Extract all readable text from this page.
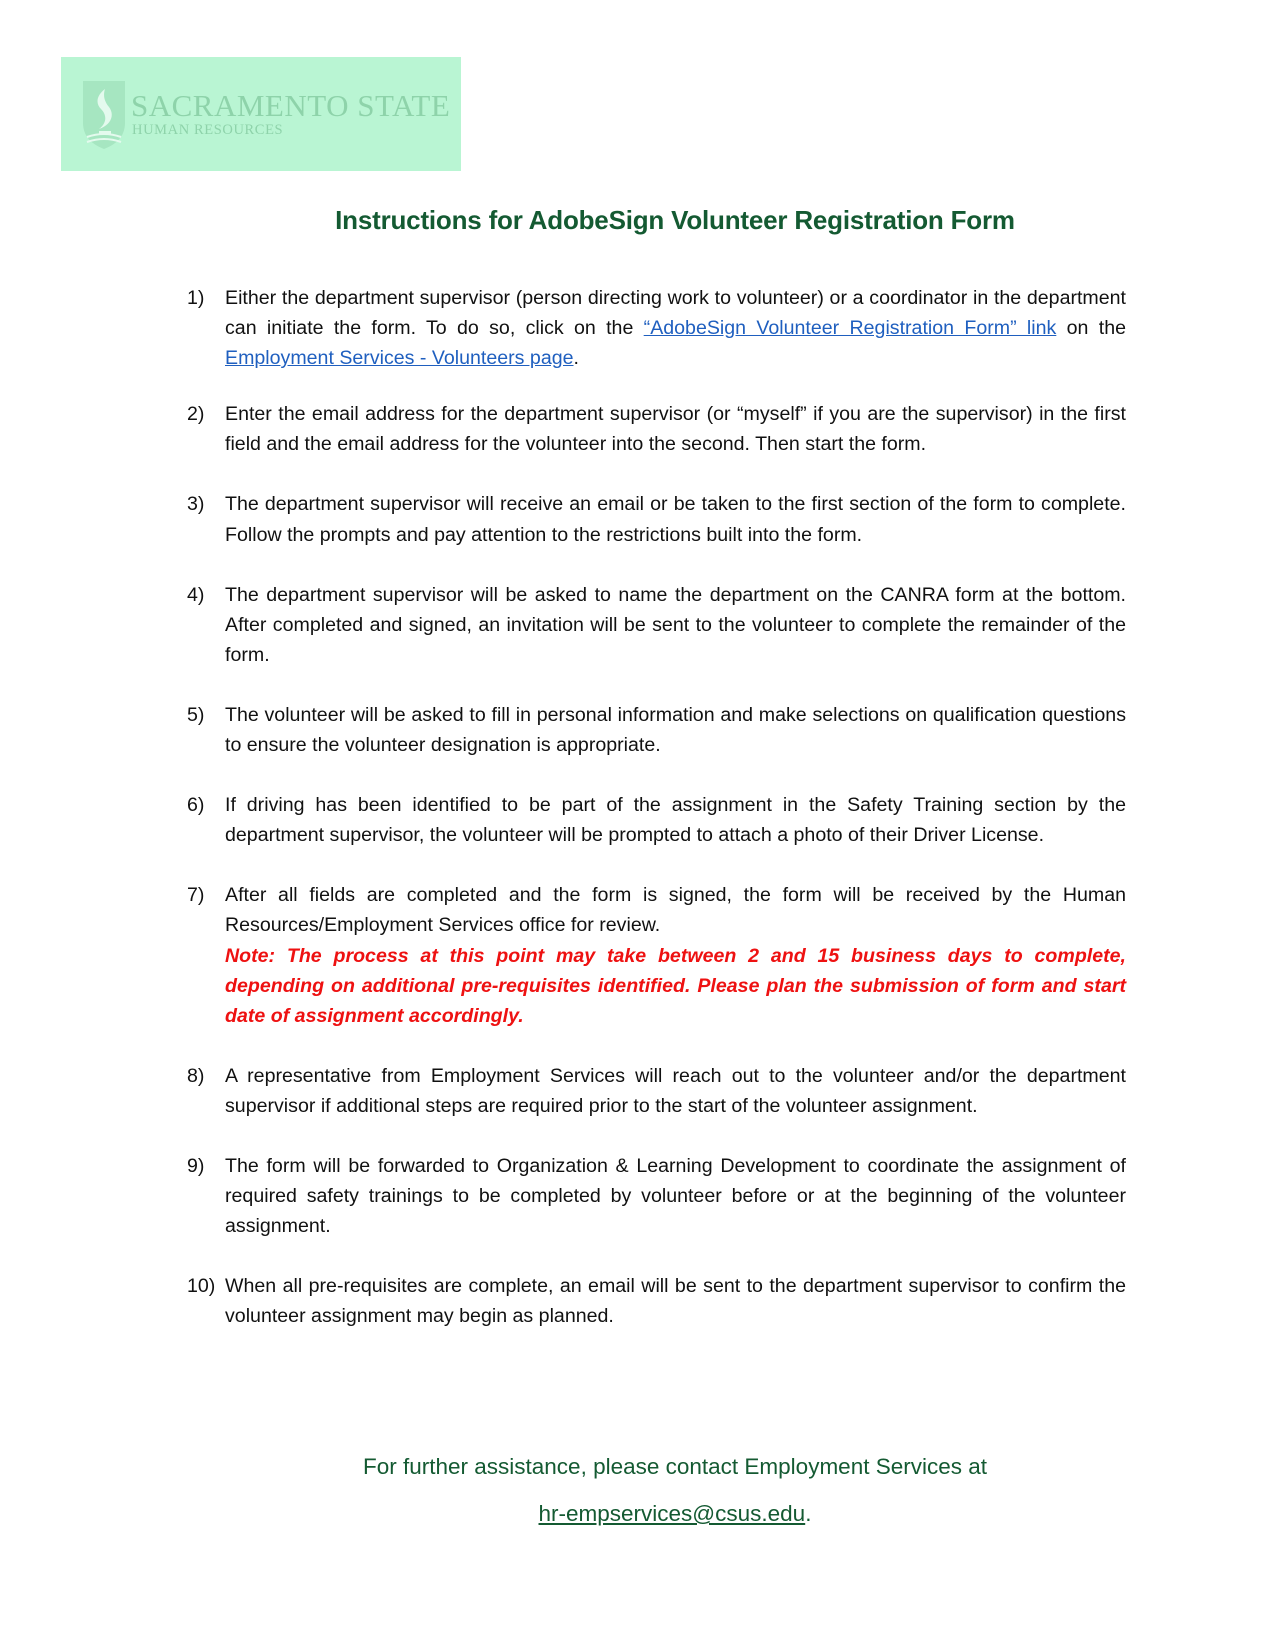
SACRAMENTO STATE
HUMAN RESOURCES
Instructions for AdobeSign Volunteer Registration Form
1) Either the department supervisor (person directing work to volunteer) or a coordinator in the department can initiate the form. To do so, click on the “AdobeSign Volunteer Registration Form” link on the Employment Services - Volunteers page.
2) Enter the email address for the department supervisor (or “myself” if you are the supervisor) in the first field and the email address for the volunteer into the second. Then start the form.
3) The department supervisor will receive an email or be taken to the first section of the form to complete. Follow the prompts and pay attention to the restrictions built into the form.
4) The department supervisor will be asked to name the department on the CANRA form at the bottom. After completed and signed, an invitation will be sent to the volunteer to complete the remainder of the form.
5) The volunteer will be asked to fill in personal information and make selections on qualification questions to ensure the volunteer designation is appropriate.
6) If driving has been identified to be part of the assignment in the Safety Training section by the department supervisor, the volunteer will be prompted to attach a photo of their Driver License.
7) After all fields are completed and the form is signed, the form will be received by the Human Resources/Employment Services office for review.
Note: The process at this point may take between 2 and 15 business days to complete, depending on additional pre-requisites identified. Please plan the submission of form and start date of assignment accordingly.
8) A representative from Employment Services will reach out to the volunteer and/or the department supervisor if additional steps are required prior to the start of the volunteer assignment.
9) The form will be forwarded to Organization & Learning Development to coordinate the assignment of required safety trainings to be completed by volunteer before or at the beginning of the volunteer assignment.
10) When all pre-requisites are complete, an email will be sent to the department supervisor to confirm the volunteer assignment may begin as planned.
For further assistance, please contact Employment Services at
hr-empservices@csus.edu.
